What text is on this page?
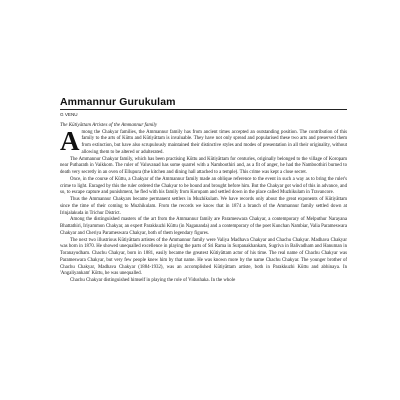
Ammannur Gurukulam
G VENU
The Kūtiyāttam Artistes of the Ammannur family

Among the Chakyar families, the Ammannur family has from ancient times accepted an outstanding position. The contribution of this family to the arts of Kūttu and Kūtiyāttam is invaluable. They have not only spread and popularised these two arts and preserved them from extinction, but have also scrupulously maintained their distinctive styles and modes of presentation in all their originality, without allowing them to be altered or adulterated.

The Ammannur Chakyar family, which has been practising Kūttu and Kūtiyāttam for centuries, originally belonged to the village of Koropam near Putharath in Vaikkom. The ruler of Valuvanad has some quarrel with a Namboothiri and, as a fit of anger, he had the Namboothiri burned to death very secretly in an oven of Ellupura (the kitchen and dining hall attached to a temple). This crime was kept a close secret.

Once, in the course of Kūttu, a Chakyar of the Ammannur family made an oblique reference to the event in such a way as to bring the ruler's crime to light. Enraged by this the ruler ordered the Chakyar to be bound and brought before him. But the Chakyar got wind of this in advance, and so, to escape capture and punishment, he fled with his family from Koropam and settled down in the place called Muzhikulam in Travancore.

Thus the Ammannur Chakyars became permanent settlers in Muzhikulam. We have records only about the great exponents of Kūtiyāttam since the time of their coming to Muzhikulam. From the records we know that in 1874 a branch of the Ammannur family settled down at Irinjalakuda in Trichur District.

Among the distinguished masters of the art from the Ammannur family are Parameswara Chakyar, a contemporary of Melputhur Narayana Bhattathiri, Iriyammon Chakyar, an expert Parakkuzhi Kūttu (in Nagananda) and a contemporary of the poet Kunchan Nambiar, Valia Parameswara Chakyar and Cheriya Parameswara Chakyar, both of them legendary figures.

The next two illustrious Kūtiyāttam artistes of the Ammannur family were Valiya Madhava Chakyar and Chachu Chakyar. Madhava Chakyar was born in 1870. He showed unequalled excellence in playing the parts of Sri Rama in Surpanakhankam, Sugriva in Balivadham and Hanuman in Toranayudham. Chachu Chakyar, born in 1881, easily became the greatest Kūtiyāttam actor of his time. The real name of Chachu Chakyar was Parameswara Chakyar, but very few people knew him by that name. He was known more by the name Chachu Chakyar. The younger brother of Chachu Chakyar, Madhava Chakyar (1884-1932), was an accomplished Kūtiyāttam artiste, both in Parakkuzhi Kūttu and abhinaya. In 'Angaliyankam' Kūttu, he was unequalled.

Chachu Chakyar distinguished himself in playing the role of Vidushaka. In the whole
